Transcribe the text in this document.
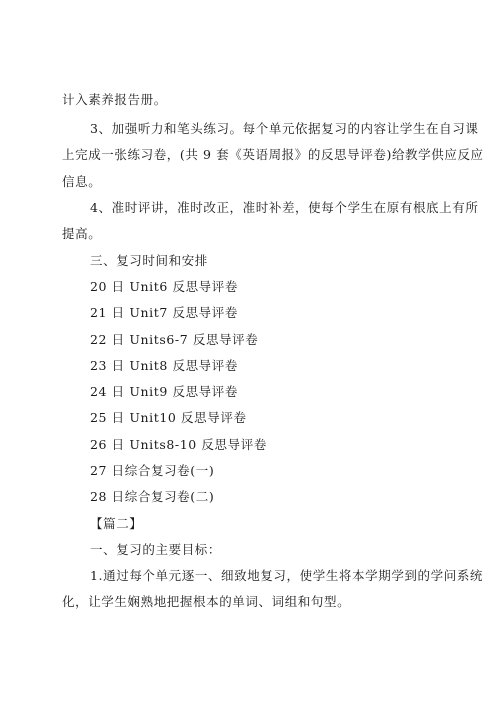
计入素养报告册。
3、加强听力和笔头练习。每个单元依据复习的内容让学生在自习课
上完成一张练习卷，(共 9 套《英语周报》的反思导评卷)给教学供应反应
信息。
4、准时评讲，准时改正，准时补差，使每个学生在原有根底上有所
提高。
三、复习时间和安排
20 日 Unit6 反思导评卷
21 日 Unit7 反思导评卷
22 日 Units6-7 反思导评卷
23 日 Unit8 反思导评卷
24 日 Unit9 反思导评卷
25 日 Unit10 反思导评卷
26 日 Units8-10 反思导评卷
27 日综合复习卷(一)
28 日综合复习卷(二)
【篇二】
一、复习的主要目标：
1.通过每个单元逐一、细致地复习，使学生将本学期学到的学问系统
化，让学生娴熟地把握根本的单词、词组和句型。
